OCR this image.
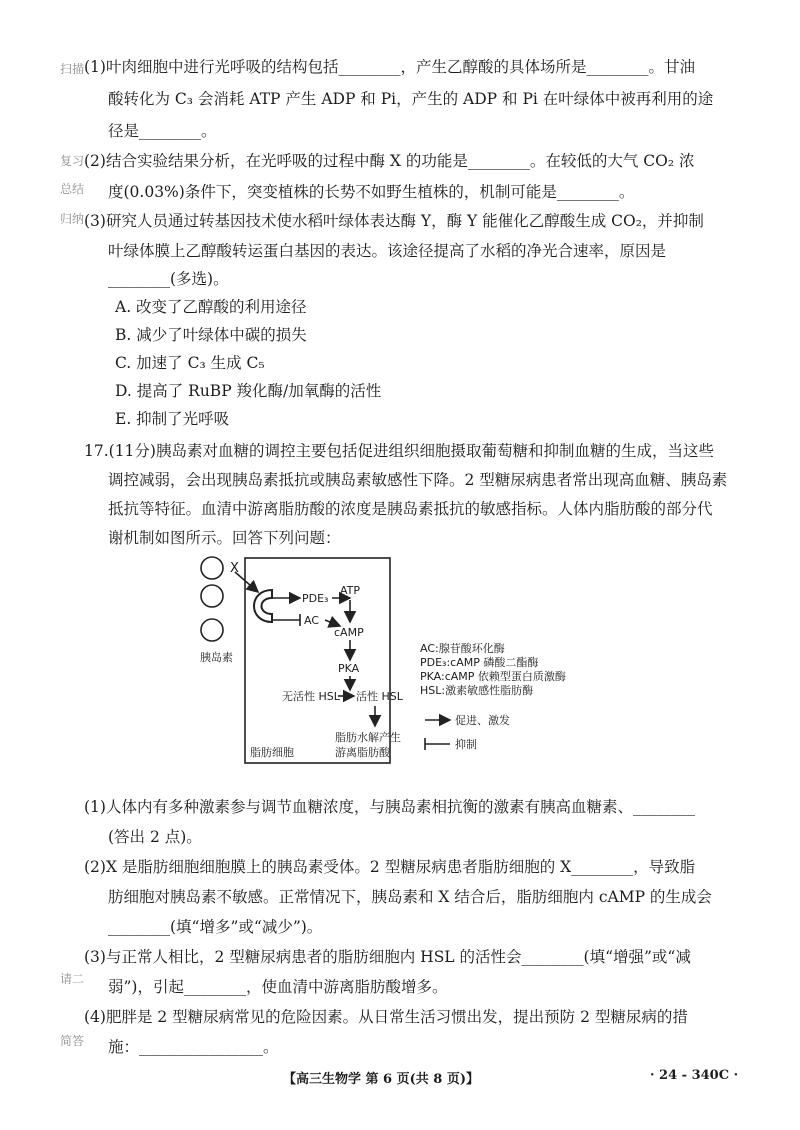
扫描
复习
总结
归纳
(1)叶肉细胞中进行光呼吸的结构包括________，产生乙醇酸的具体场所是________。甘油
酸转化为 C₃ 会消耗 ATP 产生 ADP 和 Pi，产生的 ADP 和 Pi 在叶绿体中被再利用的途
径是________。
(2)结合实验结果分析，在光呼吸的过程中酶 X 的功能是________。在较低的大气 CO₂ 浓
度(0.03%)条件下，突变植株的长势不如野生植株的，机制可能是________。
(3)研究人员通过转基因技术使水稻叶绿体表达酶 Y，酶 Y 能催化乙醇酸生成 CO₂，并抑制
叶绿体膜上乙醇酸转运蛋白基因的表达。该途径提高了水稻的净光合速率，原因是
________(多选)。
A. 改变了乙醇酸的利用途径
B. 减少了叶绿体中碳的损失
C. 加速了 C₃ 生成 C₅
D. 提高了 RuBP 羧化酶/加氧酶的活性
E. 抑制了光呼吸
17.(11分)胰岛素对血糖的调控主要包括促进组织细胞摄取葡萄糖和抑制血糖的生成，当这些
调控减弱，会出现胰岛素抵抗或胰岛素敏感性下降。2 型糖尿病患者常出现高血糖、胰岛素
抵抗等特征。血清中游离脂肪酸的浓度是胰岛素抵抗的敏感指标。人体内脂肪酸的部分代
谢机制如图所示。回答下列问题：
X
PDE₃
AC
ATP
cAMP
PKA
无活性 HSL 活性 HSL
脂肪水解产生
游离脂肪酸
脂肪细胞
胰岛素
AC:腺苷酸环化酶
PDE₃:cAMP 磷酸二酯酶
PKA:cAMP 依赖型蛋白质激酶
HSL:激素敏感性脂肪酶
促进、激发
抑制
(1)人体内有多种激素参与调节血糖浓度，与胰岛素相抗衡的激素有胰高血糖素、________
(答出 2 点)。
(2)X 是脂肪细胞细胞膜上的胰岛素受体。2 型糖尿病患者脂肪细胞的 X________，导致脂
肪细胞对胰岛素不敏感。正常情况下，胰岛素和 X 结合后，脂肪细胞内 cAMP 的生成会
________(填“增多”或“减少”)。
(3)与正常人相比，2 型糖尿病患者的脂肪细胞内 HSL 的活性会________(填“增强”或“减
弱”)，引起________，使血清中游离脂肪酸增多。
请二
(4)肥胖是 2 型糖尿病常见的危险因素。从日常生活习惯出发，提出预防 2 型糖尿病的措
施：________________。
简答
【高三生物学 第 6 页(共 8 页)】	· 24 - 340C ·
